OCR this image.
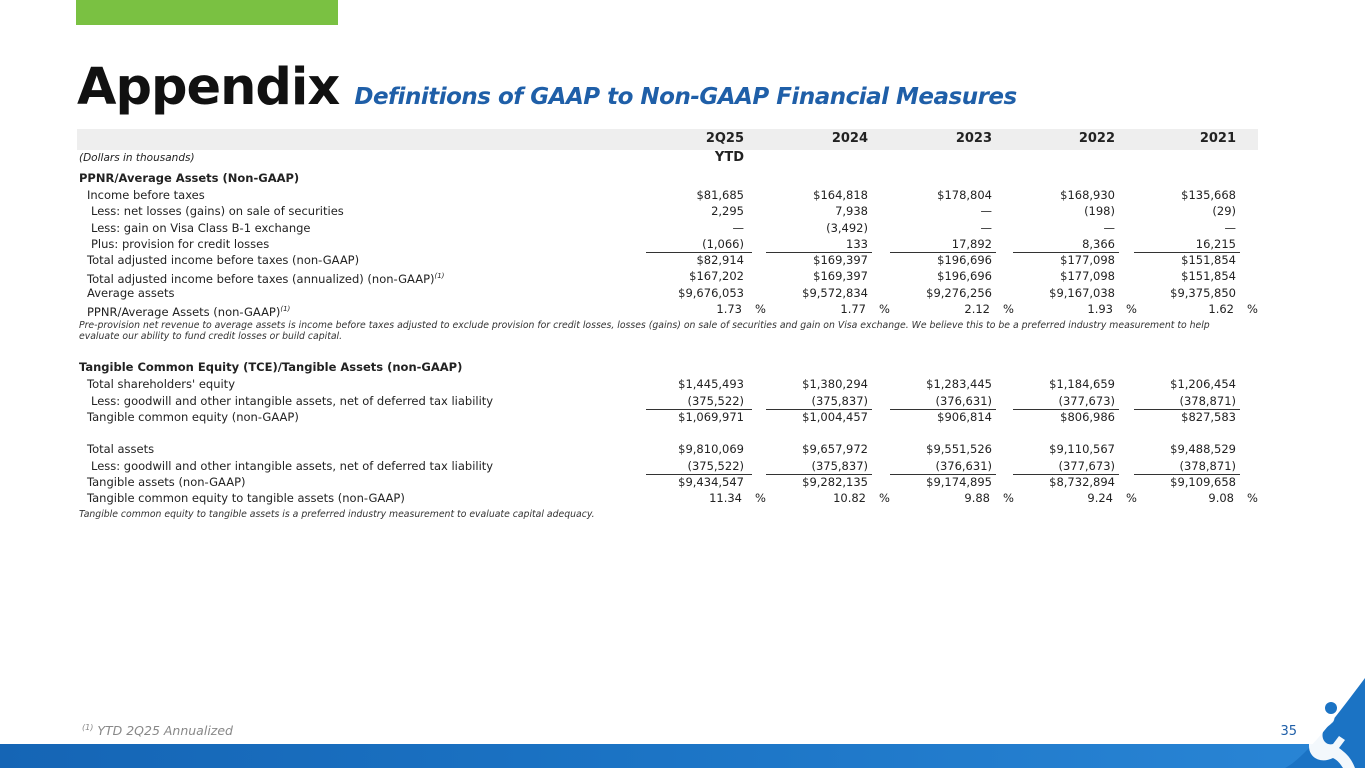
Appendix Definitions of GAAP to Non-GAAP Financial Measures
2Q25	2024	2023	2022	2021
(Dollars in thousands)	YTD
PPNR/Average Assets (Non-GAAP)
Income before taxes	$81,685	$164,818	$178,804	$168,930	$135,668
Less: net losses (gains) on sale of securities	2,295	7,938	—	(198)	(29)
Less: gain on Visa Class B-1 exchange	—	(3,492)	—	—	—
Plus: provision for credit losses	(1,066)	133	17,892	8,366	16,215
Total adjusted income before taxes (non-GAAP)	$82,914	$169,397	$196,696	$177,098	$151,854
Total adjusted income before taxes (annualized) (non-GAAP)$^{(1)}$	$167,202	$169,397	$196,696	$177,098	$151,854
Average assets	$9,676,053	$9,572,834	$9,276,256	$9,167,038	$9,375,850
PPNR/Average Assets (non-GAAP)$^{(1)}$	1.73 %	1.77 %	2.12 %	1.93 %	1.62 %
Pre-provision net revenue to average assets is income before taxes adjusted to exclude provision for credit losses, losses (gains) on sale of securities and gain on Visa exchange. We believe this to be a preferred industry measurement to help evaluate our ability to fund credit losses or build capital.
Tangible Common Equity (TCE)/Tangible Assets (non-GAAP)
Total shareholders' equity	$1,445,493	$1,380,294	$1,283,445	$1,184,659	$1,206,454
Less: goodwill and other intangible assets, net of deferred tax liability	(375,522)	(375,837)	(376,631)	(377,673)	(378,871)
Tangible common equity (non-GAAP)	$1,069,971	$1,004,457	$906,814	$806,986	$827,583
Total assets	$9,810,069	$9,657,972	$9,551,526	$9,110,567	$9,488,529
Less: goodwill and other intangible assets, net of deferred tax liability	(375,522)	(375,837)	(376,631)	(377,673)	(378,871)
Tangible assets (non-GAAP)	$9,434,547	$9,282,135	$9,174,895	$8,732,894	$9,109,658
Tangible common equity to tangible assets (non-GAAP)	11.34 %	10.82 %	9.88 %	9.24 %	9.08 %
Tangible common equity to tangible assets is a preferred industry measurement to evaluate capital adequacy.
$^{(1)}$ YTD 2Q25 Annualized	35
